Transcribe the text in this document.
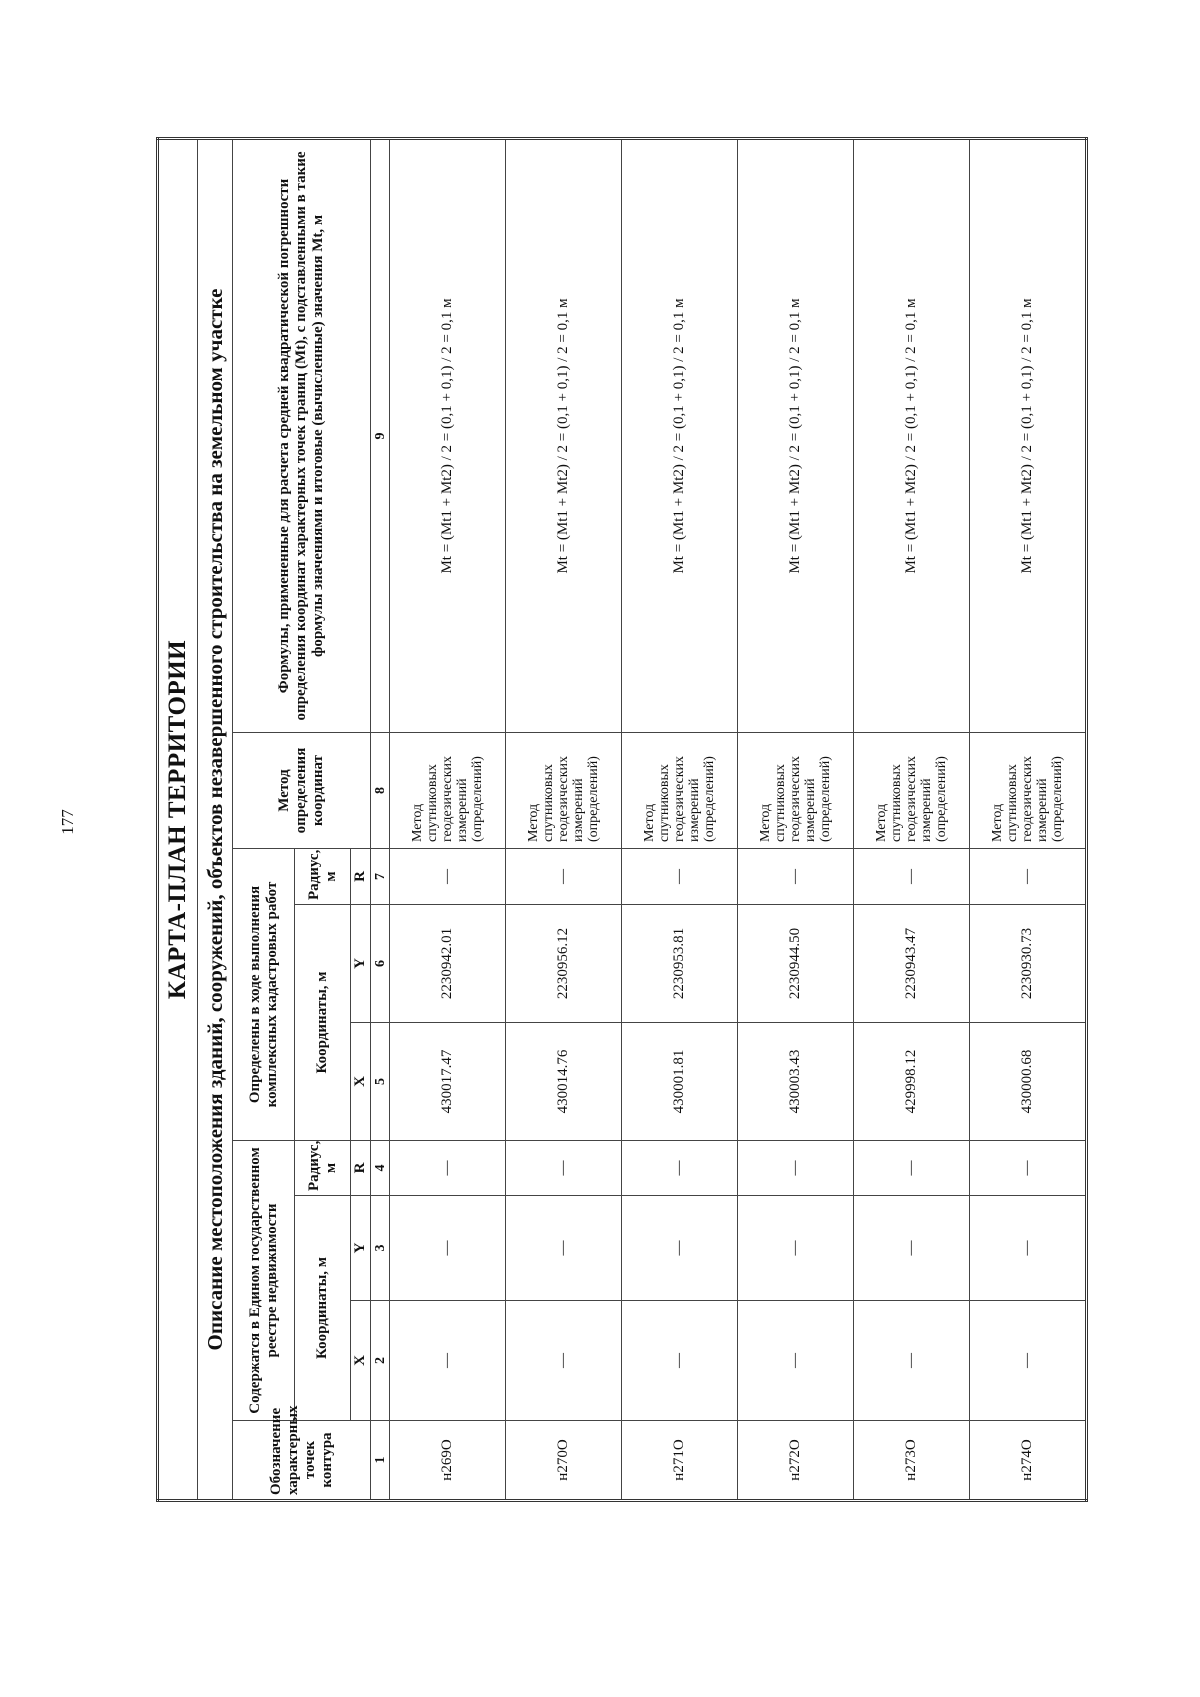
177	КАРТА-ПЛАН ТЕРРИТОРИИ								
Описание местоположения зданий, сооружений, объектов незавершенного строительства на земельном участке								
Обозначение характерных точек контура	Содержатся в Едином государственном реестре недвижимости			Определены в ходе выполнения комплексных кадастровых работ			Метод определения координат	Формулы, примененные для расчета средней квадратической погрешности определения координат характерных точек границ (Mt), с подставленными в такие формулы значениями и итоговые (вычисленные) значения Mt, м
	Координаты, м		Радиус, м	Координаты, м		Радиус, м		
	X	Y	R	X	Y	R		
1	2	3	4	5	6	7	8	9
н269О	—	—	—	430017.47	2230942.01	—	Метод спутниковых геодезических измерений (определений)	Mt = (Mt1 + Mt2) / 2 = (0,1 + 0,1) / 2 = 0,1 м
н270О	—	—	—	430014.76	2230956.12	—	Метод спутниковых геодезических измерений (определений)	Mt = (Mt1 + Mt2) / 2 = (0,1 + 0,1) / 2 = 0,1 м
н271О	—	—	—	430001.81	2230953.81	—	Метод спутниковых геодезических измерений (определений)	Mt = (Mt1 + Mt2) / 2 = (0,1 + 0,1) / 2 = 0,1 м
н272О	—	—	—	430003.43	2230944.50	—	Метод спутниковых геодезических измерений (определений)	Mt = (Mt1 + Mt2) / 2 = (0,1 + 0,1) / 2 = 0,1 м
н273О	—	—	—	429998.12	2230943.47	—	Метод спутниковых геодезических измерений (определений)	Mt = (Mt1 + Mt2) / 2 = (0,1 + 0,1) / 2 = 0,1 м
н274О	—	—	—	430000.68	2230930.73	—	Метод спутниковых геодезических измерений (определений)	Mt = (Mt1 + Mt2) / 2 = (0,1 + 0,1) / 2 = 0,1 м
